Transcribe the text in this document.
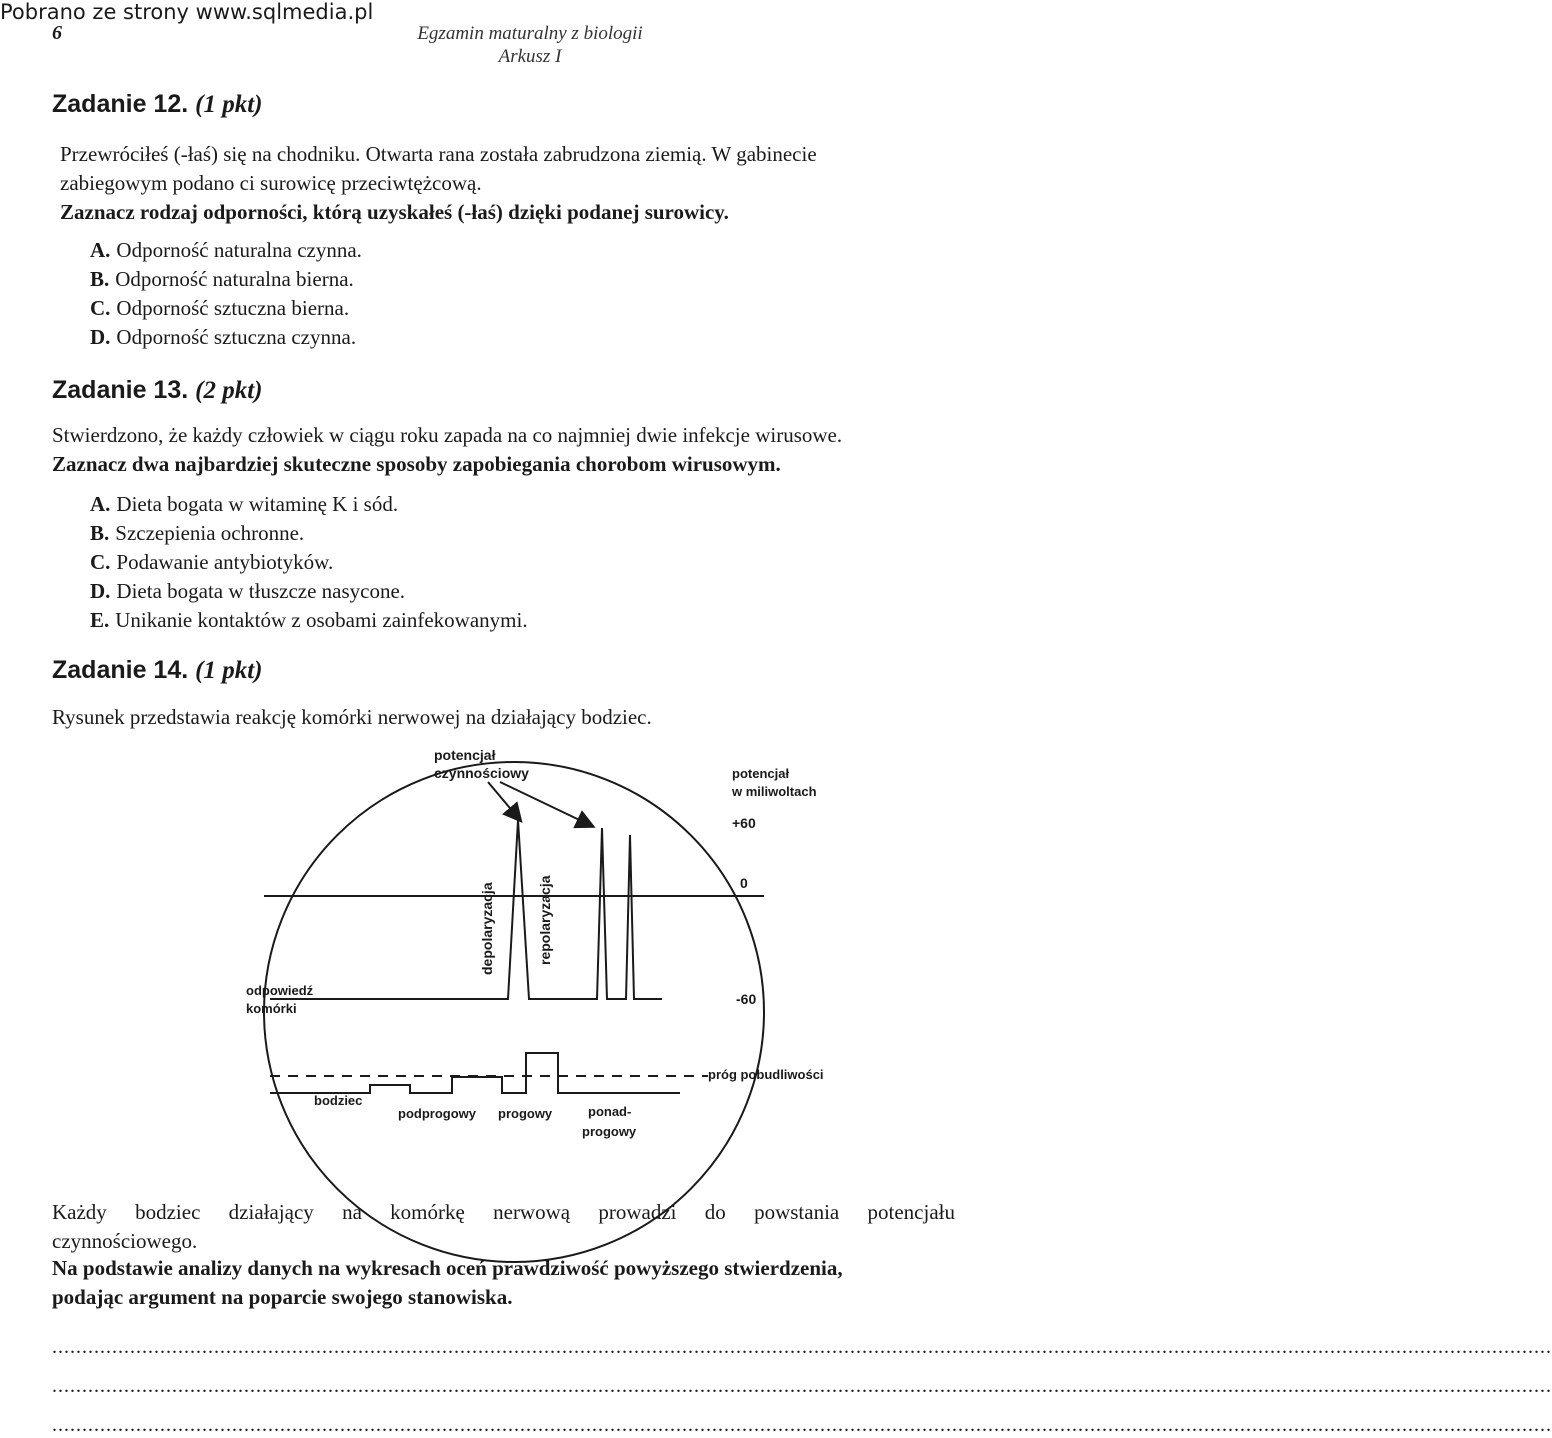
Pobrano ze strony www.sqlmedia.pl
6	Egzamin maturalny z biologii
Arkusz I
Zadanie 12. (1 pkt)
Przewróciłeś (-łaś) się na chodniku. Otwarta rana została zabrudzona ziemią. W gabinecie
zabiegowym podano ci surowicę przeciwtężcową.
Zaznacz rodzaj odporności, którą uzyskałeś (-łaś) dzięki podanej surowicy.
A. Odporność naturalna czynna.
B. Odporność naturalna bierna.
C. Odporność sztuczna bierna.
D. Odporność sztuczna czynna.
Zadanie 13. (2 pkt)
Stwierdzono, że każdy człowiek w ciągu roku zapada na co najmniej dwie infekcje wirusowe.
Zaznacz dwa najbardziej skuteczne sposoby zapobiegania chorobom wirusowym.
A. Dieta bogata w witaminę K i sód.
B. Szczepienia ochronne.
C. Podawanie antybiotyków.
D. Dieta bogata w tłuszcze nasycone.
E. Unikanie kontaktów z osobami zainfekowanymi.
Zadanie 14. (1 pkt)
Rysunek przedstawia reakcję komórki nerwowej na działający bodziec.
potencjał
czynnościowy	potencjał
w miliwoltach
+60
0
-60
depolaryzacja	repolaryzacja
odpowiedź
komórki
próg pobudliwości
bodziec
podprogowy progowy	ponad-
progowy
Każdy bodziec działający na komórkę nerwową prowadzi do powstania potencjału
czynnościowego.
Na podstawie analizy danych na wykresach oceń prawdziwość powyższego stwierdzenia,
podając argument na poparcie swojego stanowiska.
..........................................................................................................................................................................................................................................................
..........................................................................................................................................................................................................................................................
..........................................................................................................................................................................................................................................................
